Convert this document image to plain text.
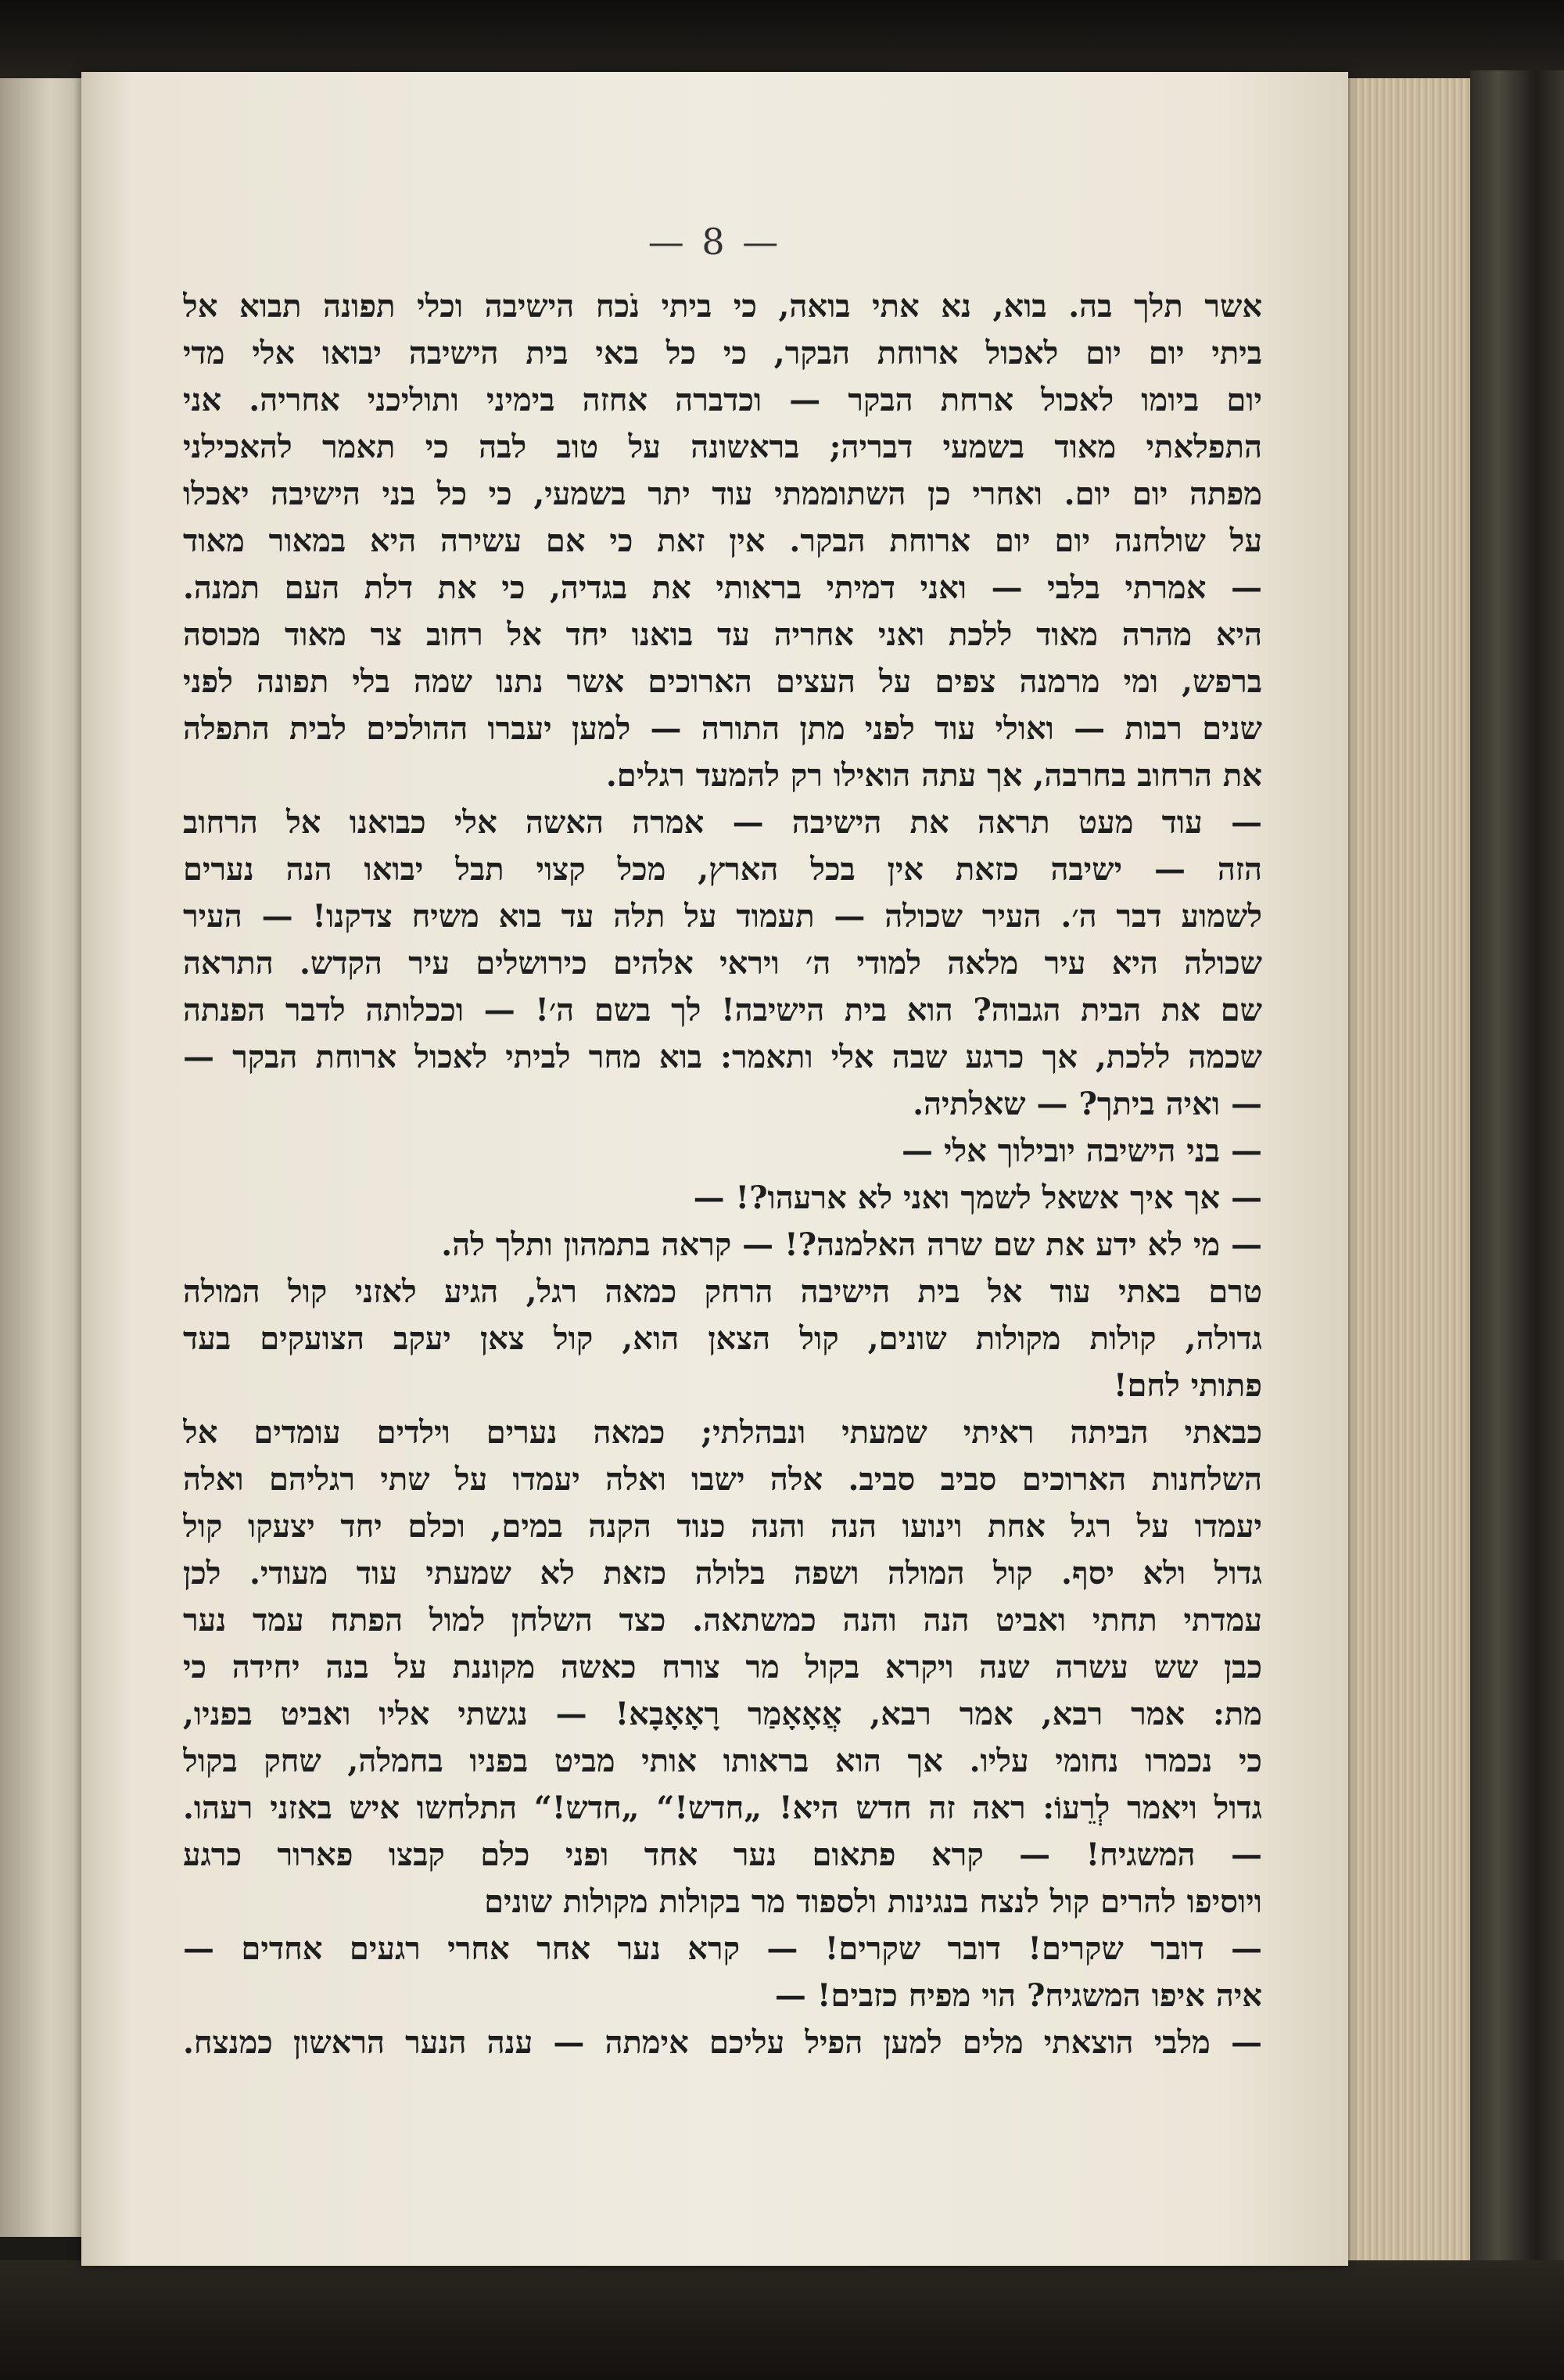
— 8 —
אשר תלך בה. בוא, נא אתי בואה, כי ביתי נֹכח הישיבה וכלי תפונה תבוא אל
ביתי יום יום לאכול ארוחת הבקר, כי כל באי בית הישיבה יבואו אלי מדי
יום ביומו לאכול ארחת הבקר — וכדברה אחזה בימיני ותוליכני אחריה. אני
התפלאתי מאוד בשמעי דבריה; בראשונה על טוב לבה כי תאמר להאכילני
מפתה יום יום. ואחרי כן השתוממתי עוד יתר בשמעי, כי כל בני הישיבה יאכלו
על שולחנה יום יום ארוחת הבקר. אין זאת כי אם עשירה היא במאור מאוד
— אמרתי בלבי — ואני דמיתי בראותי את בגדיה, כי את דלת העם תמנה.
היא מהרה מאוד ללכת ואני אחריה עד בואנו יחד אל רחוב צר מאוד מכוסה
ברפש, ומי מרמנה צפים על העצים הארוכים אשר נתנו שמה בלי תפונה לפני
שנים רבות — ואולי עוד לפני מתן התורה — למען יעברו ההולכים לבית התפלה
את הרחוב בחרבה, אך עתה הואילו רק להמעד רגלים.
— עוד מעט תראה את הישיבה — אמרה האשה אלי כבואנו אל הרחוב
הזה — ישיבה כזאת אין בכל הארץ, מכל קצוי תבל יבואו הנה נערים
לשמוע דבר ה׳. העיר שכולה — תעמוד על תלה עד בוא משיח צדקנו! — העיר
שכולה היא עיר מלאה למודי ה׳ ויראי אלהים כירושלים עיר הקדש. התראה
שם את הבית הגבוה? הוא בית הישיבה! לך בשם ה׳! — וככלותה לדבר הפנתה
שכמה ללכת, אך כרגע שבה אלי ותאמר: בוא מחר לביתי לאכול ארוחת הבקר —
— ואיה ביתך? — שאלתיה.
— בני הישיבה יובילוך אלי —
— אך איך אשאל לשמך ואני לא ארעהו?! —
— מי לא ידע את שם שרה האלמנה?! — קראה בתמהון ותלך לה.
טרם באתי עוד אל בית הישיבה הרחק כמאה רגל, הגיע לאזני קול המולה
גדולה, קולות מקולות שונים, קול הצאן הוא, קול צאן יעקב הצועקים בעד
פתותי לחם!
כבאתי הביתה ראיתי שמעתי ונבהלתי; כמאה נערים וילדים עומדים אל
השלחנות הארוכים סביב סביב. אלה ישבו ואלה יעמדו על שתי רגליהם ואלה
יעמדו על רגל אחת וינועו הנה והנה כנוד הקנה במים, וכלם יחד יצעקו קול
גדול ולא יסף. קול המולה ושפה בלולה כזאת לא שמעתי עוד מעודי. לכן
עמדתי תחתי ואביט הנה והנה כמשתאה. כצד השלחן למול הפתח עמד נער
כבן שש עשרה שנה ויקרא בקול מר צורח כאשה מקוננת על בנה יחידה כי
מת: אמר רבא, אמר רבא, אֲאָאָמַר רָאָאָבָא! — נגשתי אליו ואביט בפניו,
כי נכמרו נחומי עליו. אך הוא בראותו אותי מביט בפניו בחמלה, שחק בקול
גדול ויאמר לְרֵעוֹ: ראה זה חדש היא! „חדש!“ „חדש!“ התלחשו איש באזני רעהו.
— המשגיח! — קרא פתאום נער אחד ופני כלם קבצו פארור כרגע
ויוסיפו להרים קול לנצח בנגינות ולספוד מר בקולות מקולות שונים
— דובר שקרים! דובר שקרים! — קרא נער אחר אחרי רגעים אחדים —
איה איפו המשגיח? הוי מפיח כזבים! —
— מלבי הוצאתי מלים למען הפיל עליכם אימתה — ענה הנער הראשון כמנצח.
